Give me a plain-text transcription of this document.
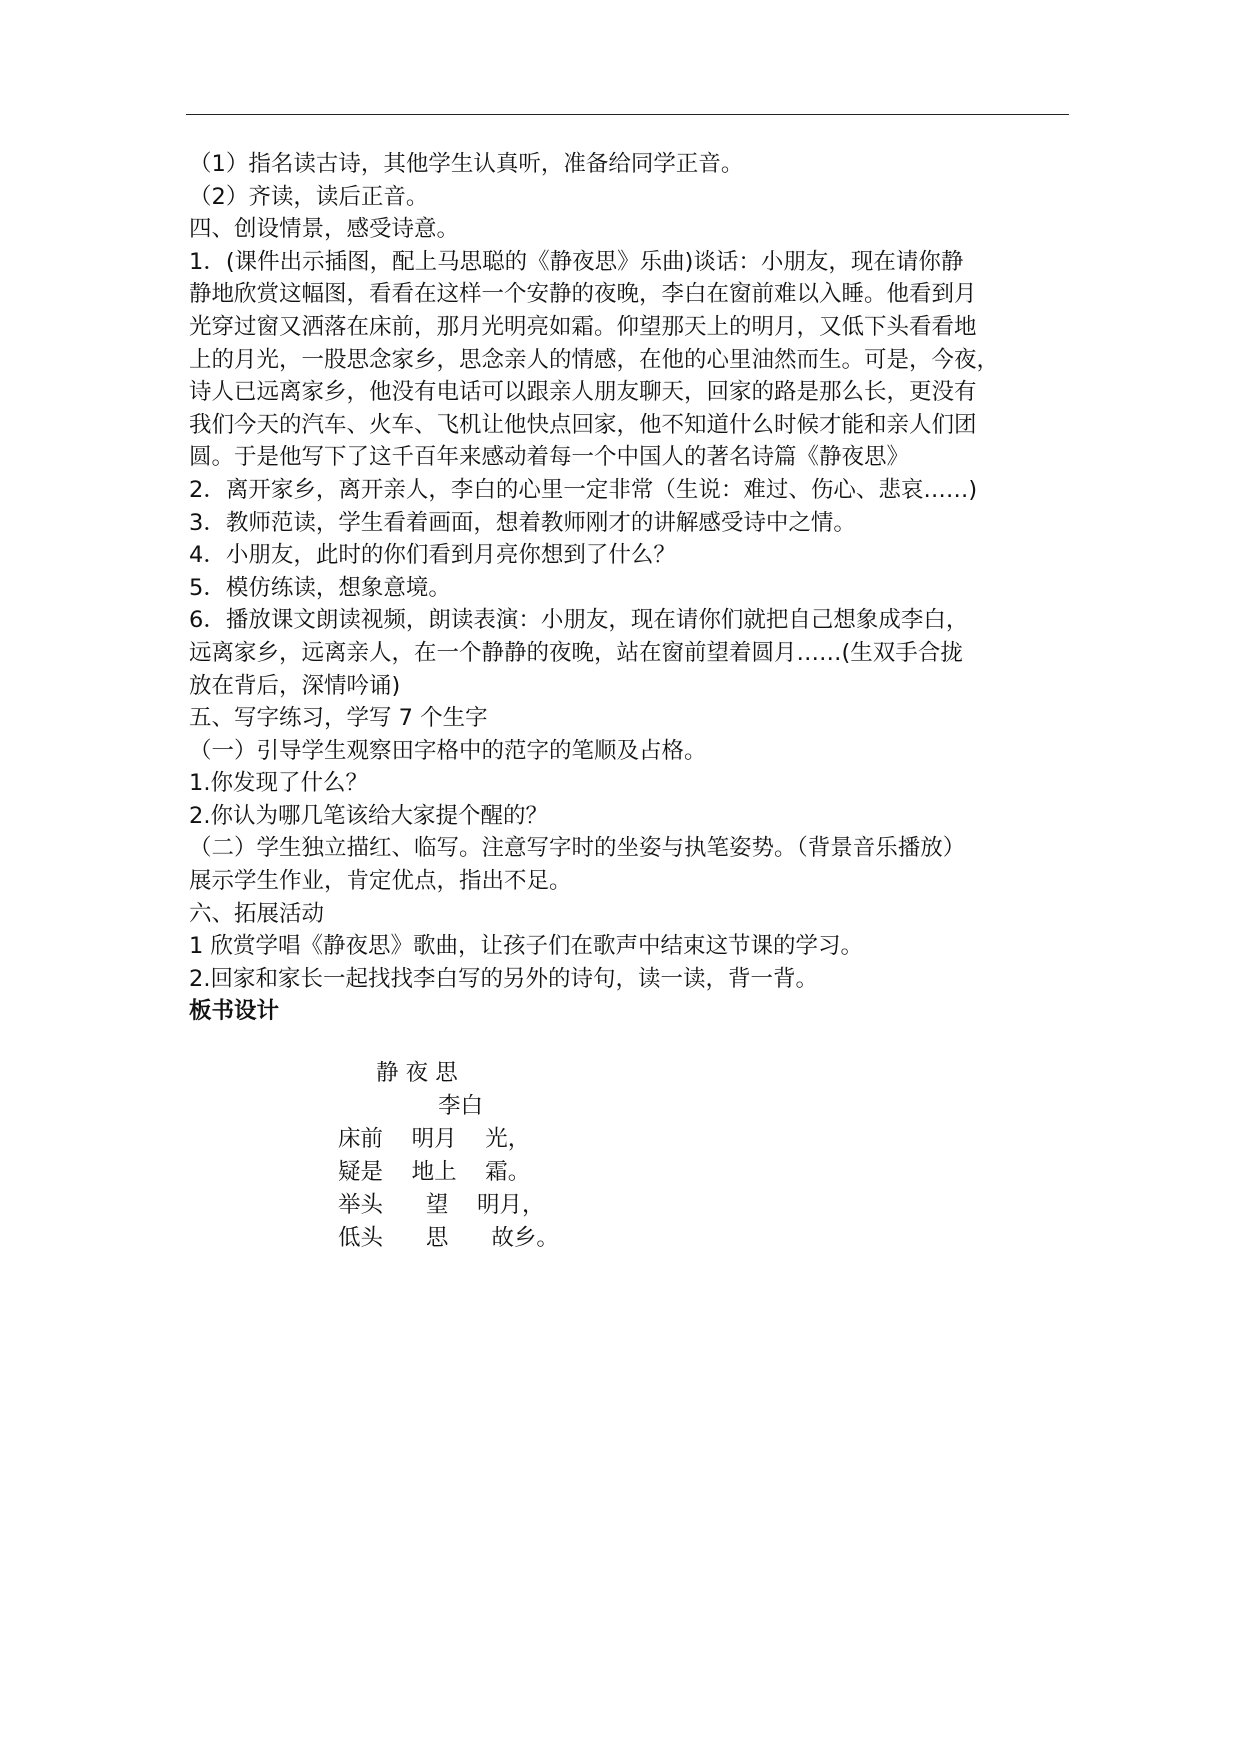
（1）指名读古诗，其他学生认真听，准备给同学正音。
（2）齐读，读后正音。
四、创设情景，感受诗意。
1．(课件出示插图，配上马思聪的《静夜思》乐曲)谈话：小朋友，现在请你静
静地欣赏这幅图，看看在这样一个安静的夜晚，李白在窗前难以入睡。他看到月
光穿过窗又洒落在床前，那月光明亮如霜。仰望那天上的明月，又低下头看看地
上的月光，一股思念家乡，思念亲人的情感，在他的心里油然而生。可是，今夜，
诗人已远离家乡，他没有电话可以跟亲人朋友聊天，回家的路是那么长，更没有
我们今天的汽车、火车、飞机让他快点回家，他不知道什么时候才能和亲人们团
圆。于是他写下了这千百年来感动着每一个中国人的著名诗篇《静夜思》
2．离开家乡，离开亲人，李白的心里一定非常（生说：难过、伤心、悲哀……)
3．教师范读，学生看着画面，想着教师刚才的讲解感受诗中之情。
4．小朋友，此时的你们看到月亮你想到了什么？
5．模仿练读，想象意境。
6．播放课文朗读视频，朗读表演：小朋友，现在请你们就把自己想象成李白，
远离家乡，远离亲人，在一个静静的夜晚，站在窗前望着圆月……(生双手合拢
放在背后，深情吟诵)
五、写字练习，学写 7 个生字
（一）引导学生观察田字格中的范字的笔顺及占格。
1.你发现了什么？
2.你认为哪几笔该给大家提个醒的？
（二）学生独立描红、临写。注意写字时的坐姿与执笔姿势。（背景音乐播放）
展示学生作业，肯定优点，指出不足。
六、拓展活动
1 欣赏学唱《静夜思》歌曲，让孩子们在歌声中结束这节课的学习。
2.回家和家长一起找找李白写的另外的诗句，读一读，背一背。
板书设计
静 夜 思
李白
床前    明月    光，
疑是    地上    霜。
举头      望    明月，
低头      思      故乡。
